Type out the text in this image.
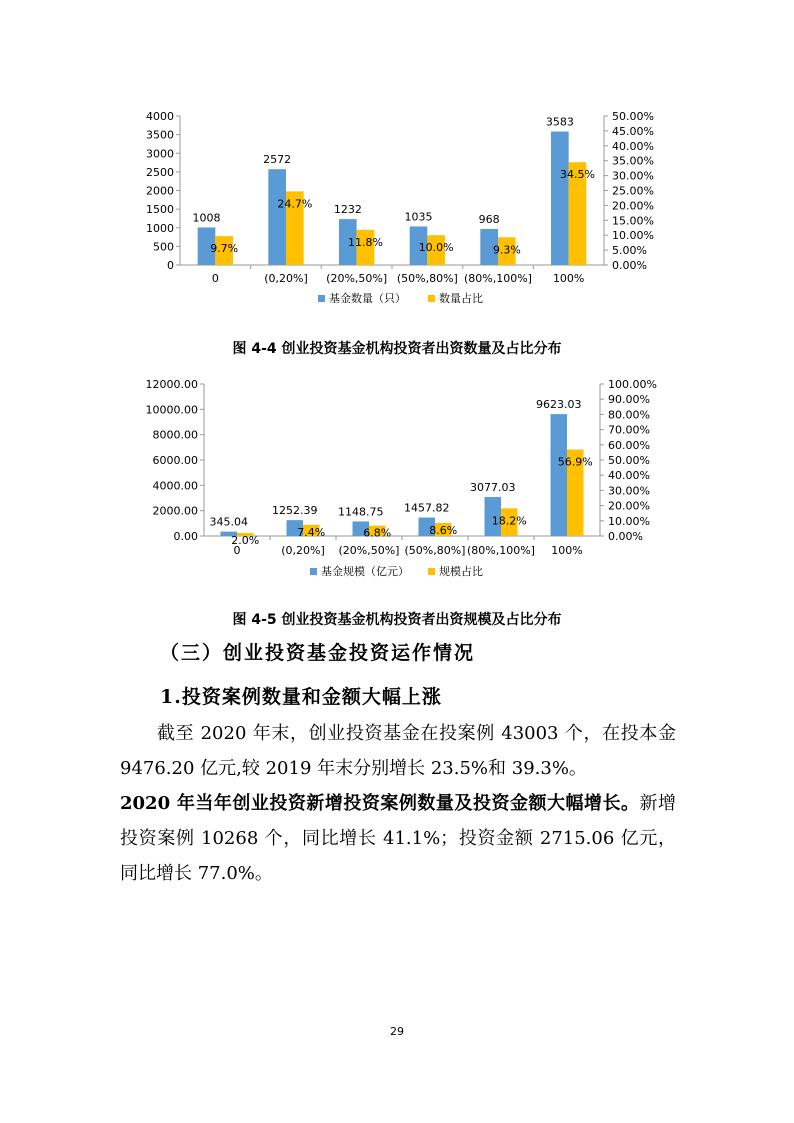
4000
3500
3000
2500
2000
1500
1000
500
0
50.00%
45.00%
40.00%
35.00%
30.00%
25.00%
20.00%
15.00%
10.00%
5.00%
0.00%
0
1008
9.7%
(0,20%]
2572
24.7%
(20%,50%]
1232
11.8%
(50%,80%]
1035
10.0%
(80%,100%]
968
9.3%
100%
3583
34.5%
基金数量（只）	数量占比
图 4-4 创业投资基金机构投资者出资数量及占比分布
12000.00
10000.00
8000.00
6000.00
4000.00
2000.00
0.00
100.00%
90.00%
80.00%
70.00%
60.00%
50.00%
40.00%
30.00%
20.00%
10.00%
0.00%
0
345.04
2.0%
(0,20%]
1252.39
7.4%
(20%,50%]
1148.75
6.8%
(50%,80%]
1457.82
8.6%
(80%,100%]
3077.03
18.2%
100%
9623.03
56.9%
基金规模（亿元）	规模占比
图 4-5 创业投资基金机构投资者出资规模及占比分布
（三）创业投资基金投资运作情况
1.投资案例数量和金额大幅上涨
截至 2020 年末，创业投资基金在投案例 43003 个，在投本金 9476.20 亿元,较 2019 年末分别增长 23.5%和 39.3%。
2020 年当年创业投资新增投资案例数量及投资金额大幅增长。新增投资案例 10268 个，同比增长 41.1%；投资金额 2715.06 亿元，同比增长 77.0%。
29
